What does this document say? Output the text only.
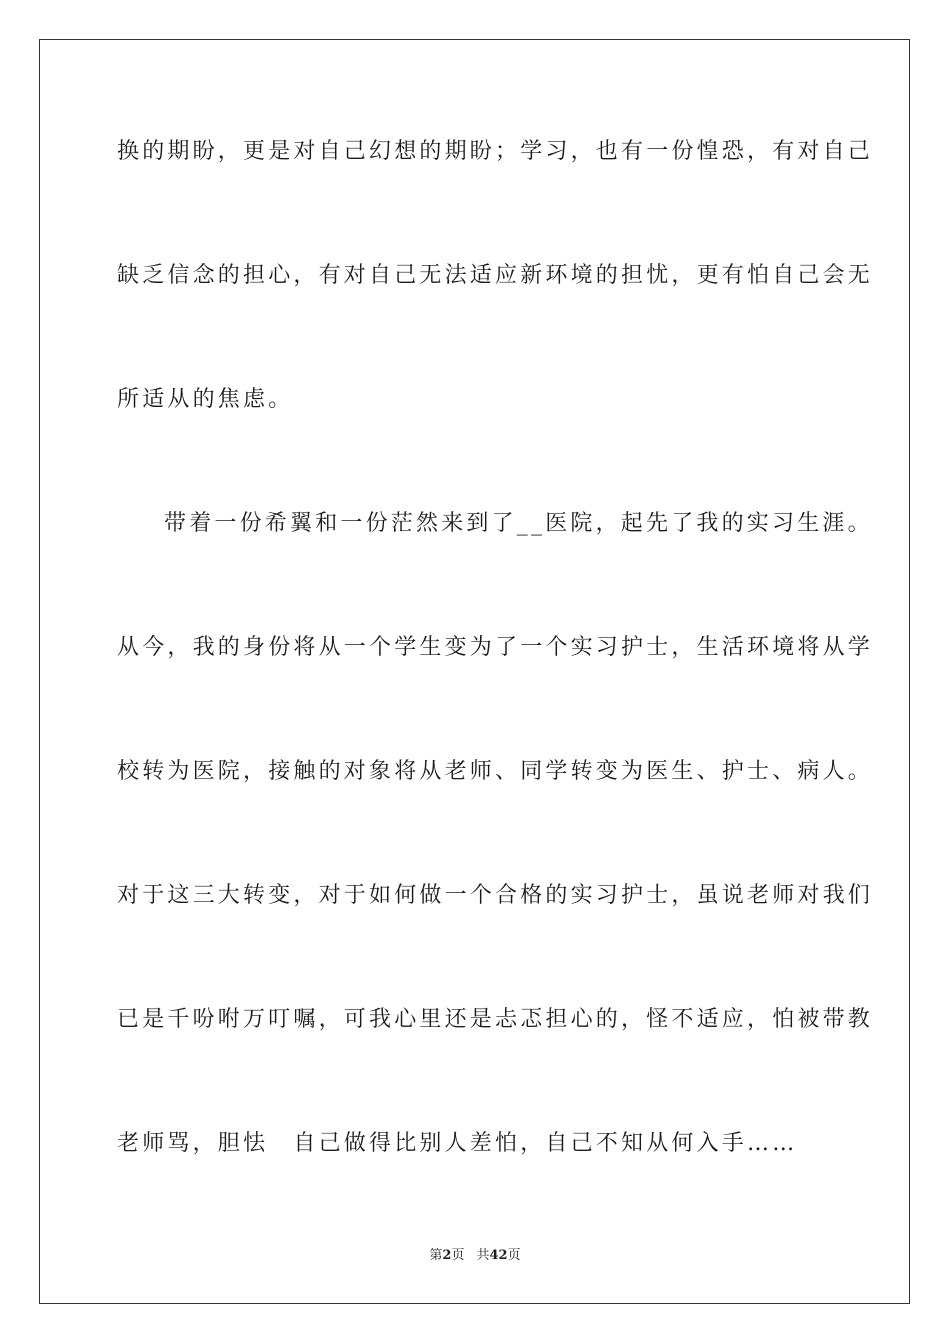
换的期盼，更是对自己幻想的期盼；学习，也有一份惶恐，有对自己
缺乏信念的担心，有对自己无法适应新环境的担忧，更有怕自己会无
所适从的焦虑。
带着一份希翼和一份茫然来到了__医院，起先了我的实习生涯。
从今，我的身份将从一个学生变为了一个实习护士，生活环境将从学
校转为医院，接触的对象将从老师、同学转变为医生、护士、病人。
对于这三大转变，对于如何做一个合格的实习护士，虽说老师对我们
已是千吩咐万叮嘱，可我心里还是忐忑担心的，怪不适应，怕被带教
老师骂，胆怯　自己做得比别人差怕，自己不知从何入手……
第2页 共42页
